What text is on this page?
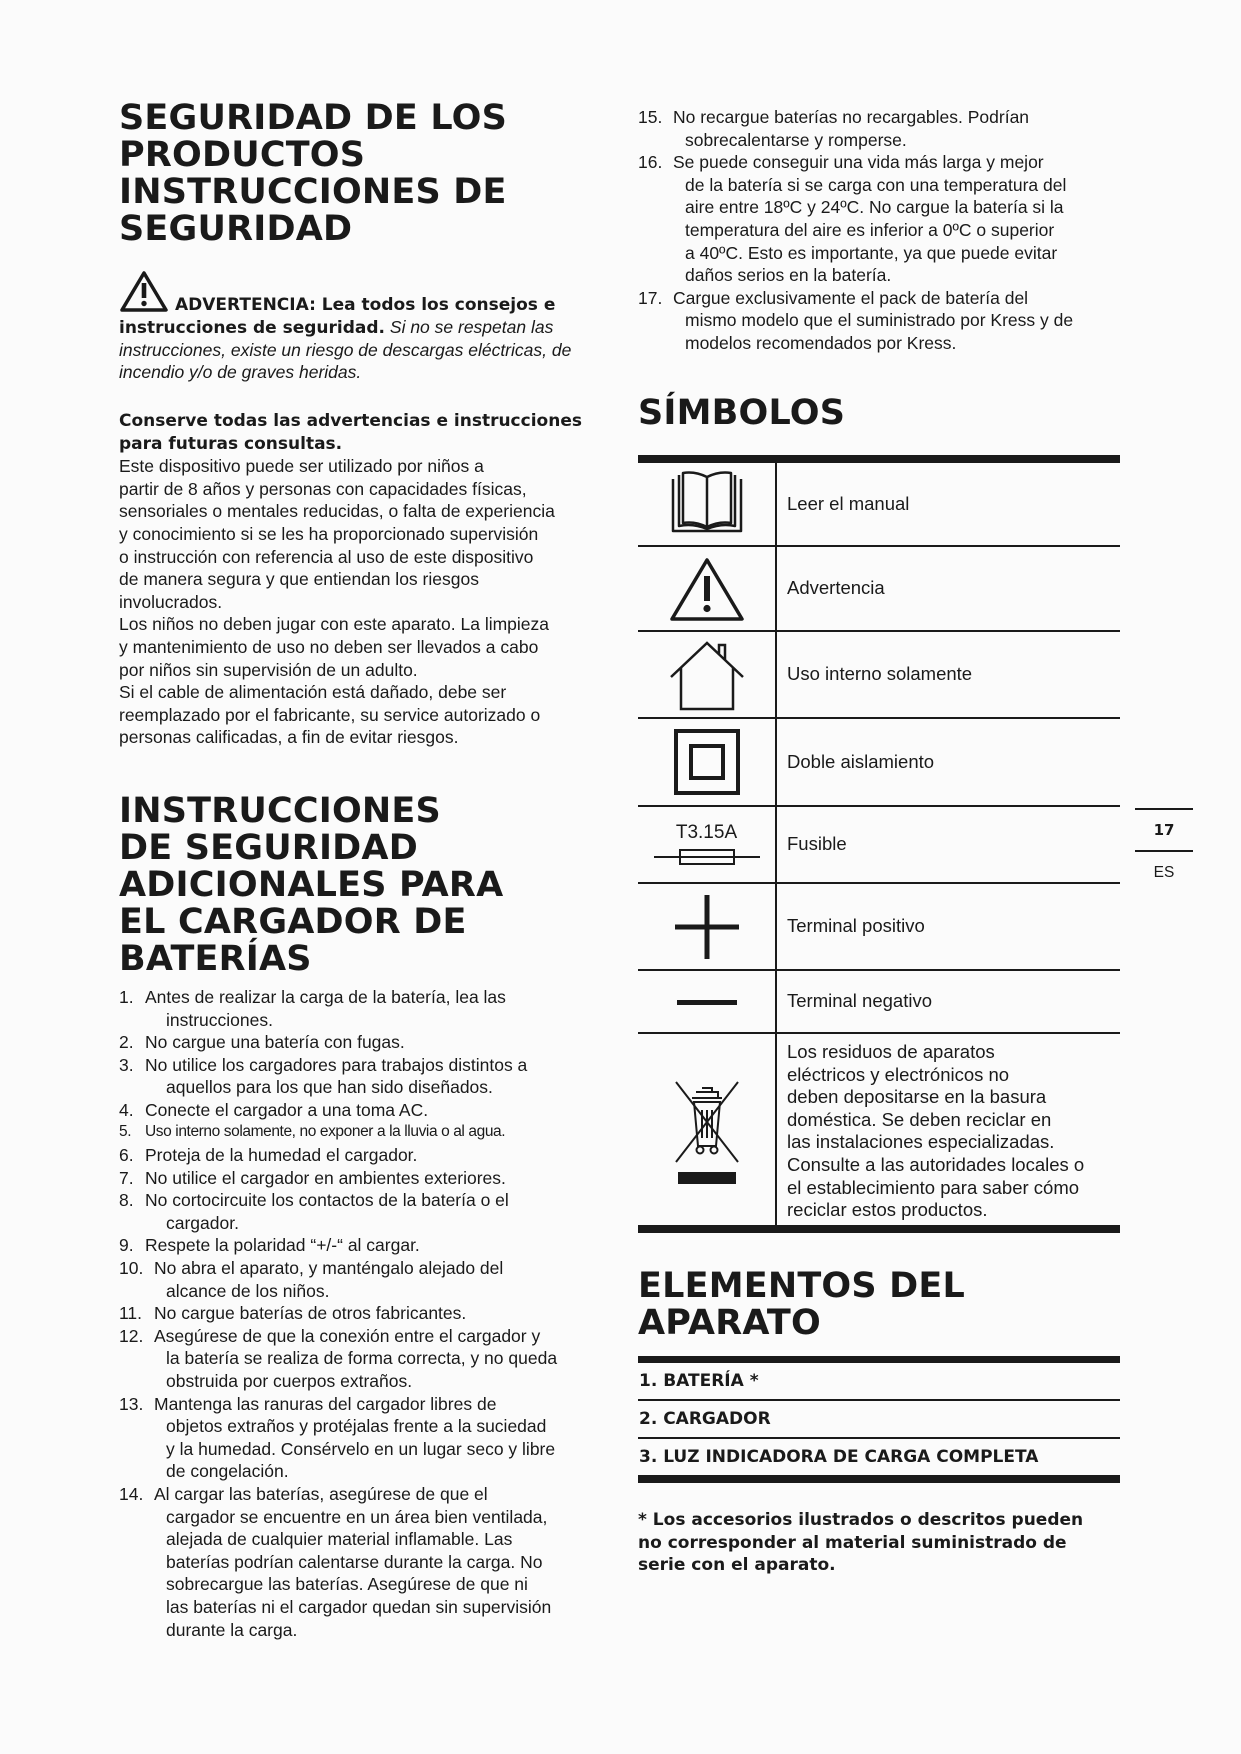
SEGURIDAD DE LOS
PRODUCTOS
INSTRUCCIONES DE
SEGURIDAD
ADVERTENCIA: Lea todos los consejos e instrucciones de seguridad. Si no se respetan las instrucciones, existe un riesgo de descargas eléctricas, de incendio y/o de graves heridas.
Conserve todas las advertencias e instrucciones para futuras consultas.
Este dispositivo puede ser utilizado por niños a
partir de 8 años y personas con capacidades físicas,
sensoriales o mentales reducidas, o falta de experiencia
y conocimiento si se les ha proporcionado supervisión
o instrucción con referencia al uso de este dispositivo
de manera segura y que entiendan los riesgos
involucrados.
Los niños no deben jugar con este aparato. La limpieza
y mantenimiento de uso no deben ser llevados a cabo
por niños sin supervisión de un adulto.
Si el cable de alimentación está dañado, debe ser
reemplazado por el fabricante, su service autorizado o
personas calificadas, a fin de evitar riesgos.
INSTRUCCIONES
DE SEGURIDAD
ADICIONALES PARA
EL CARGADOR DE
BATERÍAS
1. Antes de realizar la carga de la batería, lea las
instrucciones.
2. No cargue una batería con fugas.
3. No utilice los cargadores para trabajos distintos a
aquellos para los que han sido diseñados.
4. Conecte el cargador a una toma AC.
5. Uso interno solamente, no exponer a la lluvia o al agua.
6. Proteja de la humedad el cargador.
7. No utilice el cargador en ambientes exteriores.
8. No cortocircuite los contactos de la batería o el
cargador.
9. Respete la polaridad “+/-“ al cargar.
10. No abra el aparato, y manténgalo alejado del
alcance de los niños.
11. No cargue baterías de otros fabricantes.
12. Asegúrese de que la conexión entre el cargador y
la batería se realiza de forma correcta, y no queda
obstruida por cuerpos extraños.
13. Mantenga las ranuras del cargador libres de
objetos extraños y protéjalas frente a la suciedad
y la humedad. Consérvelo en un lugar seco y libre
de congelación.
14. Al cargar las baterías, asegúrese de que el
cargador se encuentre en un área bien ventilada,
alejada de cualquier material inflamable. Las
baterías podrían calentarse durante la carga. No
sobrecargue las baterías. Asegúrese de que ni
las baterías ni el cargador quedan sin supervisión
durante la carga.
15. No recargue baterías no recargables. Podrían
sobrecalentarse y romperse.
16. Se puede conseguir una vida más larga y mejor
de la batería si se carga con una temperatura del
aire entre 18ºC y 24ºC. No cargue la batería si la
temperatura del aire es inferior a 0ºC o superior
a 40ºC. Esto es importante, ya que puede evitar
daños serios en la batería.
17. Cargue exclusivamente el pack de batería del
mismo modelo que el suministrado por Kress y de
modelos recomendados por Kress.
SÍMBOLOS
Leer el manual
Advertencia
Uso interno solamente
Doble aislamiento
T3.15A
Fusible
Terminal positivo
Terminal negativo
Los residuos de aparatos
eléctricos y electrónicos no
deben depositarse en la basura
doméstica. Se deben reciclar en
las instalaciones especializadas.
Consulte a las autoridades locales o
el establecimiento para saber cómo
reciclar estos productos.
ELEMENTOS DEL
APARATO
1. BATERÍA *
2. CARGADOR
3. LUZ INDICADORA DE CARGA COMPLETA
* Los accesorios ilustrados o descritos pueden
no corresponder al material suministrado de
serie con el aparato.
17
ES
